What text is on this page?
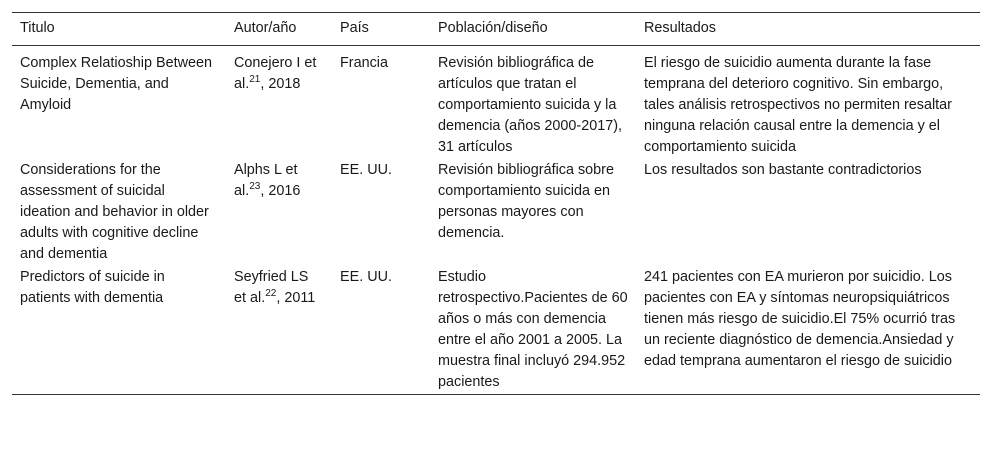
Titulo	Autor/año	País	Población/diseño	Resultados
Complex Relatioship Between Suicide, Dementia, and Amyloid	Conejero I et al.$^{21}$, 2018	Francia	Revisión bibliográfica de artículos que tratan el comportamiento suicida y la demencia (años 2000-2017), 31 artículos	El riesgo de suicidio aumenta durante la fase temprana del deterioro cognitivo. Sin embargo, tales análisis retrospectivos no permiten resaltar ninguna relación causal entre la demencia y el comportamiento suicida
Considerations for the assessment of suicidal ideation and behavior in older adults with cognitive decline and dementia	Alphs L et al.$^{23}$, 2016	EE. UU.	Revisión bibliográfica sobre comportamiento suicida en personas mayores con demencia.	Los resultados son bastante contradictorios
Predictors of suicide in patients with dementia	Seyfried LS et al.$^{22}$, 2011	EE. UU.	Estudio retrospectivo.Pacientes de 60 años o más con demencia entre el año 2001 a 2005. La muestra final incluyó 294.952 pacientes	241 pacientes con EA murieron por suicidio. Los pacientes con EA y síntomas neuropsiquiátricos tienen más riesgo de suicidio.El 75% ocurrió tras un reciente diagnóstico de demencia.Ansiedad y edad temprana aumentaron el riesgo de suicidio
